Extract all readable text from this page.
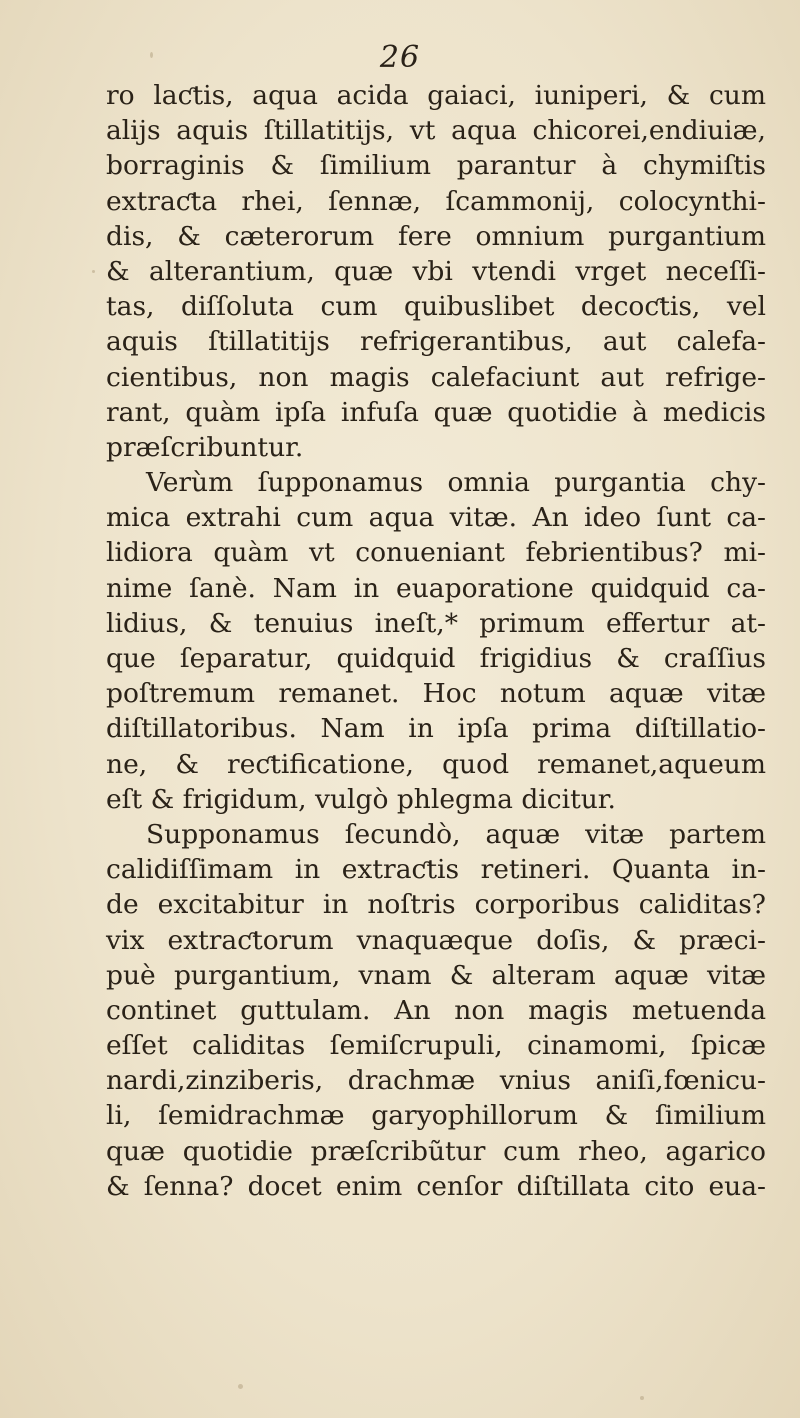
26
ro laƈtis, aqua acida gaiaci, iuniperi, & cum
alijs aquis ſtillatitijs, vt aqua chicorei,endiuiæ,
borraginis & ſimilium parantur à chymiſtis
extraƈta rhei, ſennæ, ſcammonij, colocynthi-
dis, & cæterorum fere omnium purgantium
& alterantium, quæ vbi vtendi vrget neceſſi-
tas, diſſoluta cum quibuslibet decoƈtis, vel
aquis ſtillatitijs refrigerantibus, aut calefa-
cientibus, non magis calefaciunt aut refrige-
rant, quàm ipſa infuſa quæ quotidie à medicis
præſcribuntur.
Verùm ſupponamus omnia purgantia chy-
mica extrahi cum aqua vitæ. An ideo ſunt ca-
lidiora quàm vt conueniant febrientibus? mi-
nime ſanè. Nam in euaporatione quidquid ca-
lidius, & tenuius ineſt,* primum effertur at-
que ſeparatur, quidquid frigidius & craſſius
poſtremum remanet. Hoc notum aquæ vitæ
diſtillatoribus. Nam in ipſa prima diſtillatio-
ne, & reƈtificatione, quod remanet,aqueum
eſt & frigidum, vulgò phlegma dicitur.
Supponamus ſecundò, aquæ vitæ partem
calidiſſimam in extraƈtis retineri. Quanta in-
de excitabitur in noſtris corporibus caliditas?
vix extraƈtorum vnaquæque doſis, & præci-
puè purgantium, vnam & alteram aquæ vitæ
continet guttulam. An non magis metuenda
eſſet caliditas ſemiſcrupuli, cinamomi, ſpicæ
nardi,zinziberis, drachmæ vnius aniſi,fœnicu-
li, ſemidrachmæ garyophillorum & ſimilium
quæ quotidie præſcribũtur cum rheo, agarico
& ſenna? docet enim cenſor diſtillata cito eua-
